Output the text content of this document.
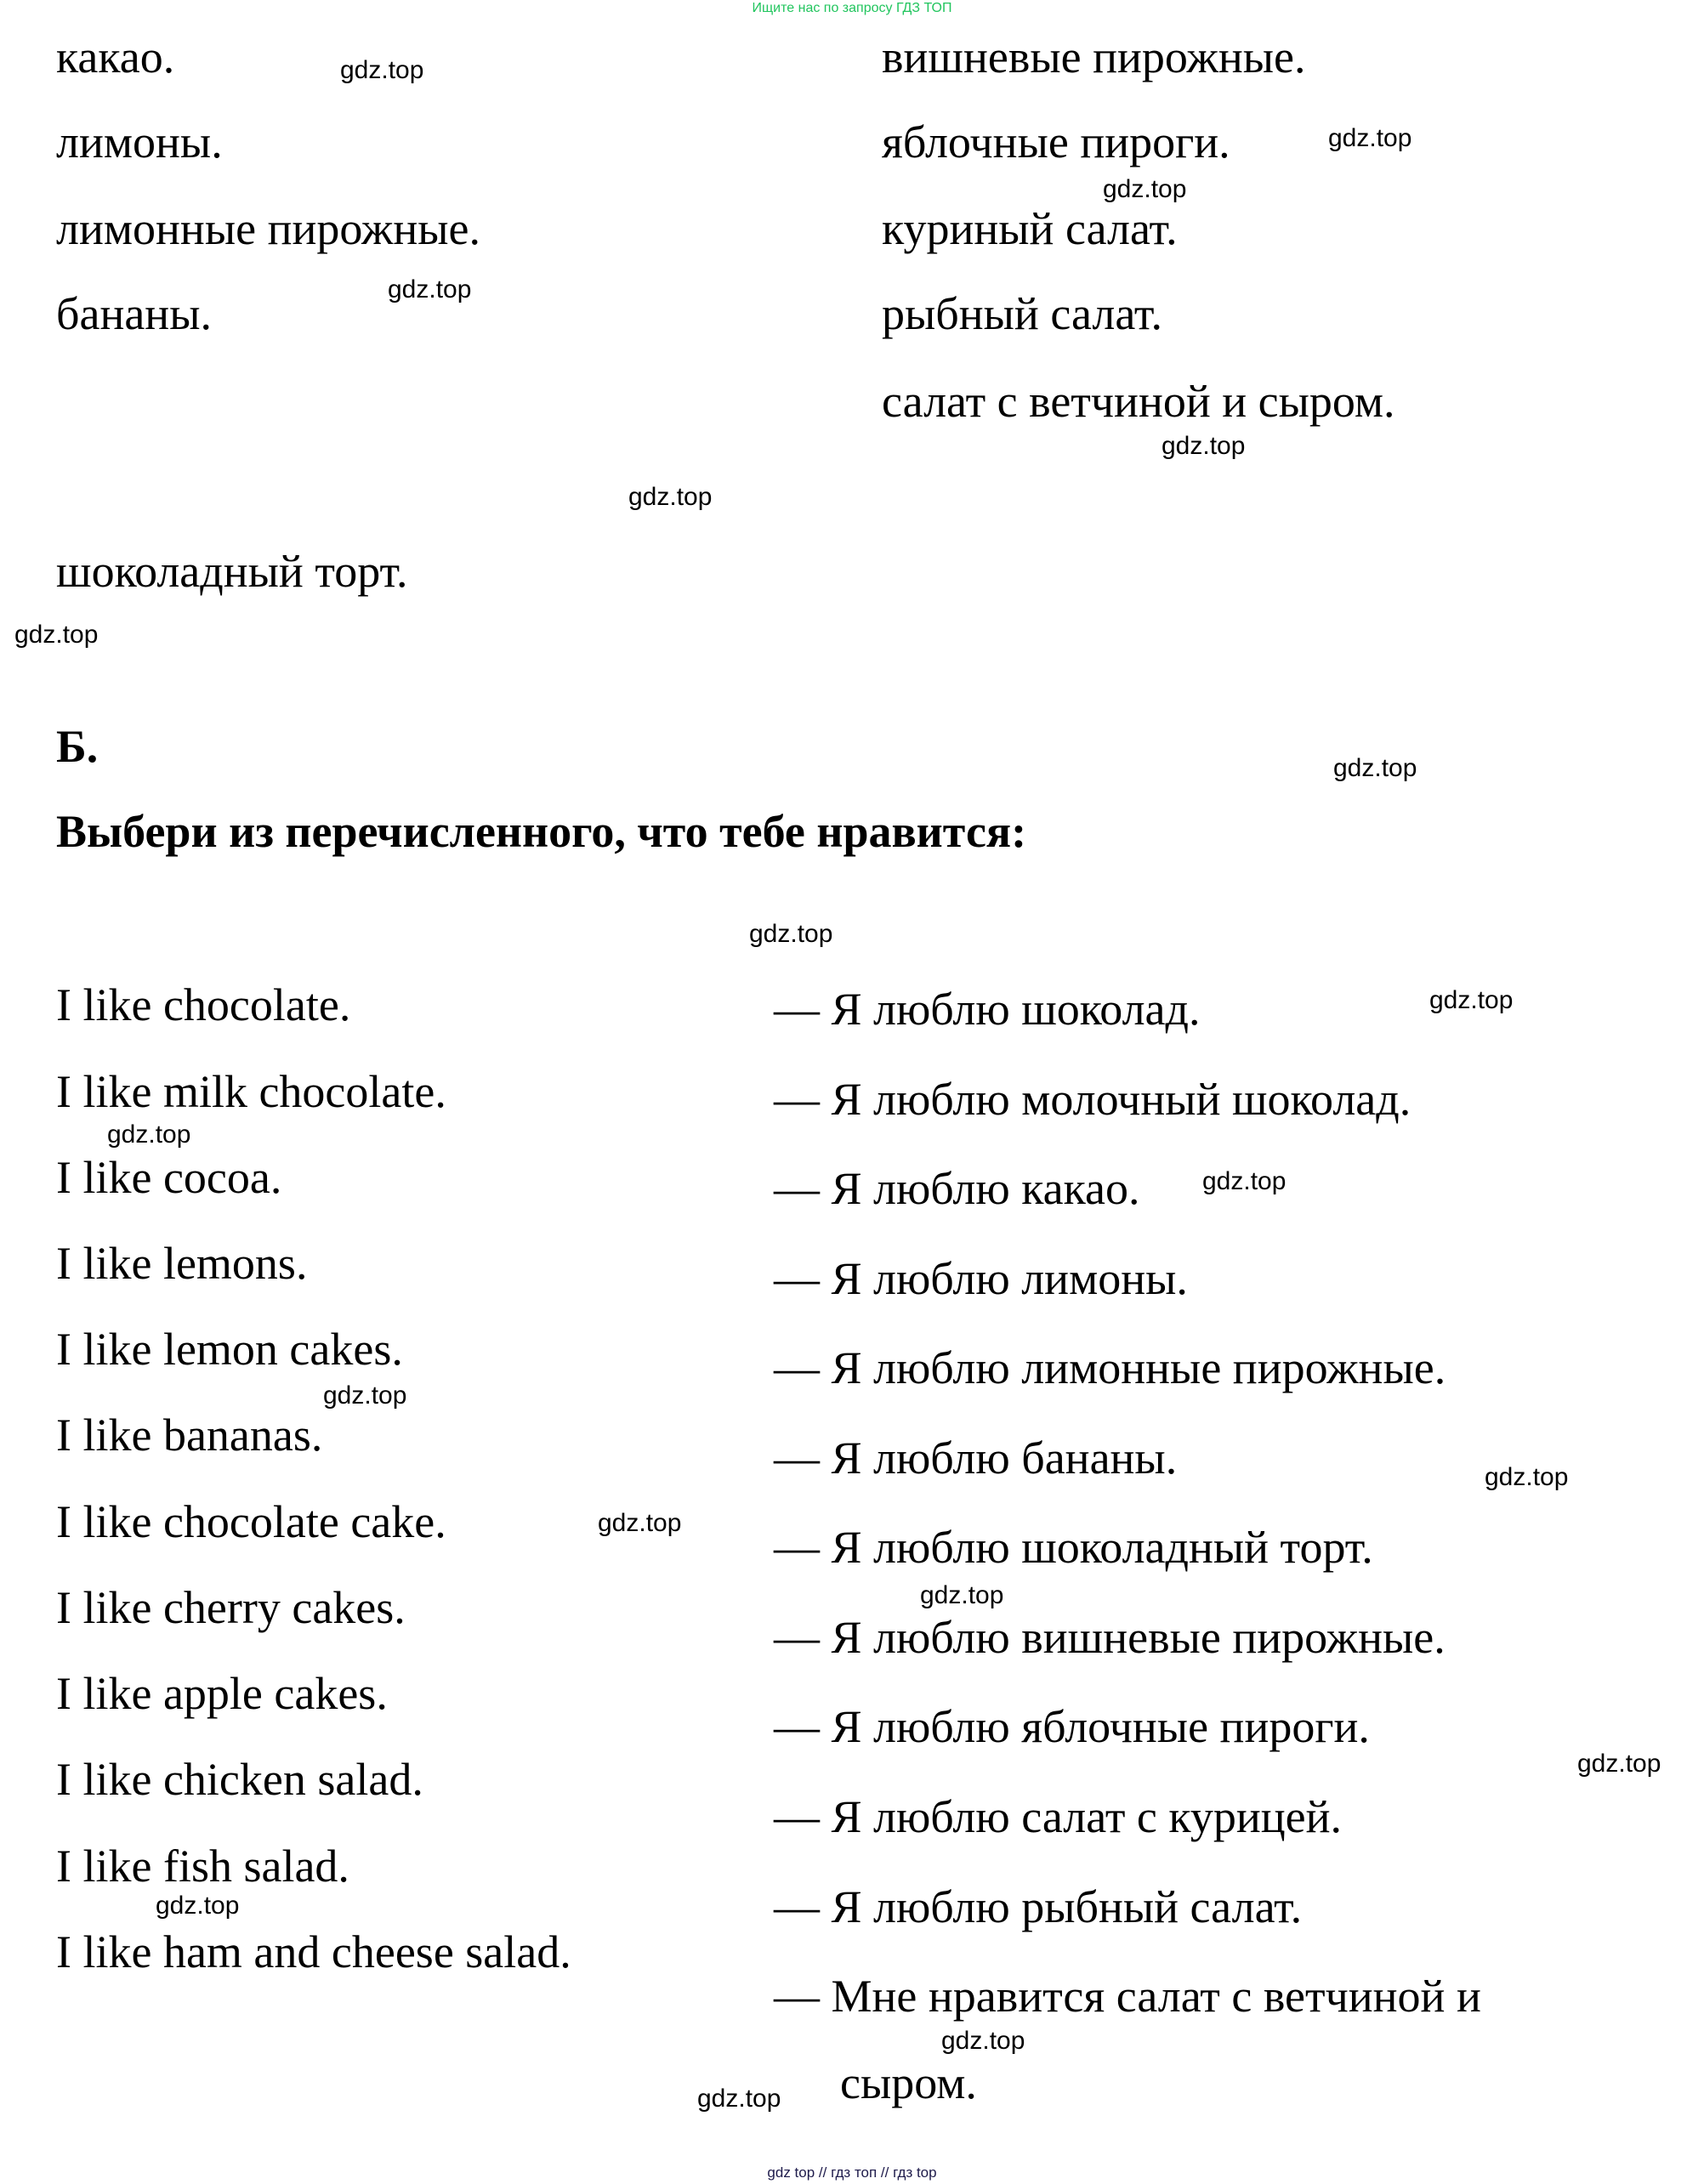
Ищите нас по запросу ГДЗ ТОП
какао.
лимоны.
лимонные пирожные.
бананы.
шоколадный торт.
вишневые пирожные.
яблочные пироги.
куриный салат.
рыбный салат.
салат с ветчиной и сыром.
Б.
Выбери из перечисленного, что тебе нравится:
I like chocolate.
I like milk chocolate.
I like cocoa.
I like lemons.
I like lemon cakes.
I like bananas.
I like chocolate cake.
I like cherry cakes.
I like apple cakes.
I like chicken salad.
I like fish salad.
I like ham and cheese salad.
— Я люблю шоколад.
— Я люблю молочный шоколад.
— Я люблю какао.
— Я люблю лимоны.
— Я люблю лимонные пирожные.
— Я люблю бананы.
— Я люблю шоколадный торт.
— Я люблю вишневые пирожные.
— Я люблю яблочные пироги.
— Я люблю салат с курицей.
— Я люблю рыбный салат.
— Мне нравится салат с ветчиной и
сыром.
gdz.top
gdz.top
gdz.top
gdz.top
gdz.top
gdz.top
gdz.top
gdz.top
gdz.top
gdz.top
gdz.top
gdz.top
gdz.top
gdz.top
gdz.top
gdz.top
gdz.top
gdz.top
gdz.top
gdz.top
gdz top // гдз топ // гдз top
